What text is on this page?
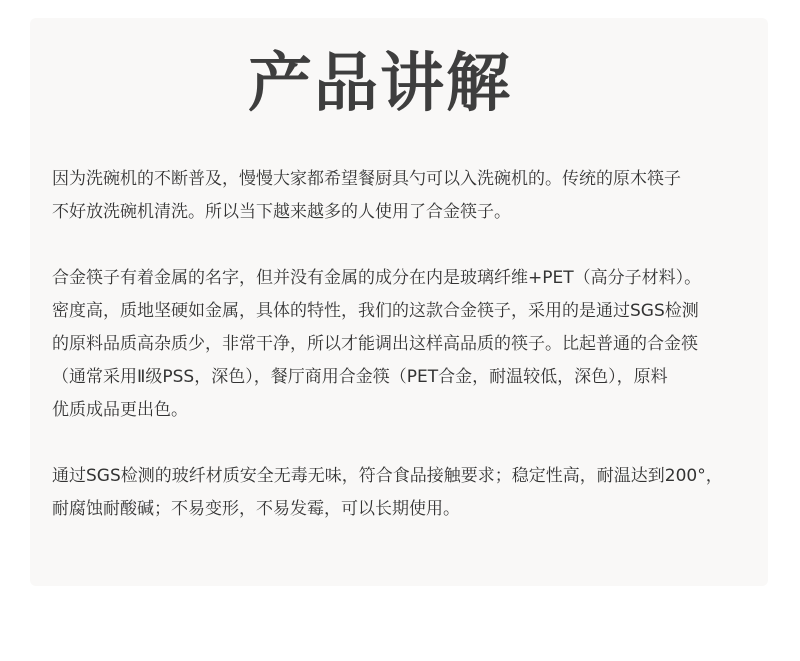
产品讲解

因为洗碗机的不断普及，慢慢大家都希望餐厨具勺可以入洗碗机的。传统的原木筷子
不好放洗碗机清洗。所以当下越来越多的人使用了合金筷子。

合金筷子有着金属的名字，但并没有金属的成分在内是玻璃纤维+PET（高分子材料）。
密度高，质地坚硬如金属，具体的特性，我们的这款合金筷子，采用的是通过SGS检测
的原料品质高杂质少，非常干净，所以才能调出这样高品质的筷子。比起普通的合金筷
（通常采用Ⅱ级PSS，深色），餐厅商用合金筷（PET合金，耐温较低，深色），原料
优质成品更出色。

通过SGS检测的玻纤材质安全无毒无味，符合食品接触要求；稳定性高，耐温达到200°，
耐腐蚀耐酸碱；不易变形，不易发霉，可以长期使用。
